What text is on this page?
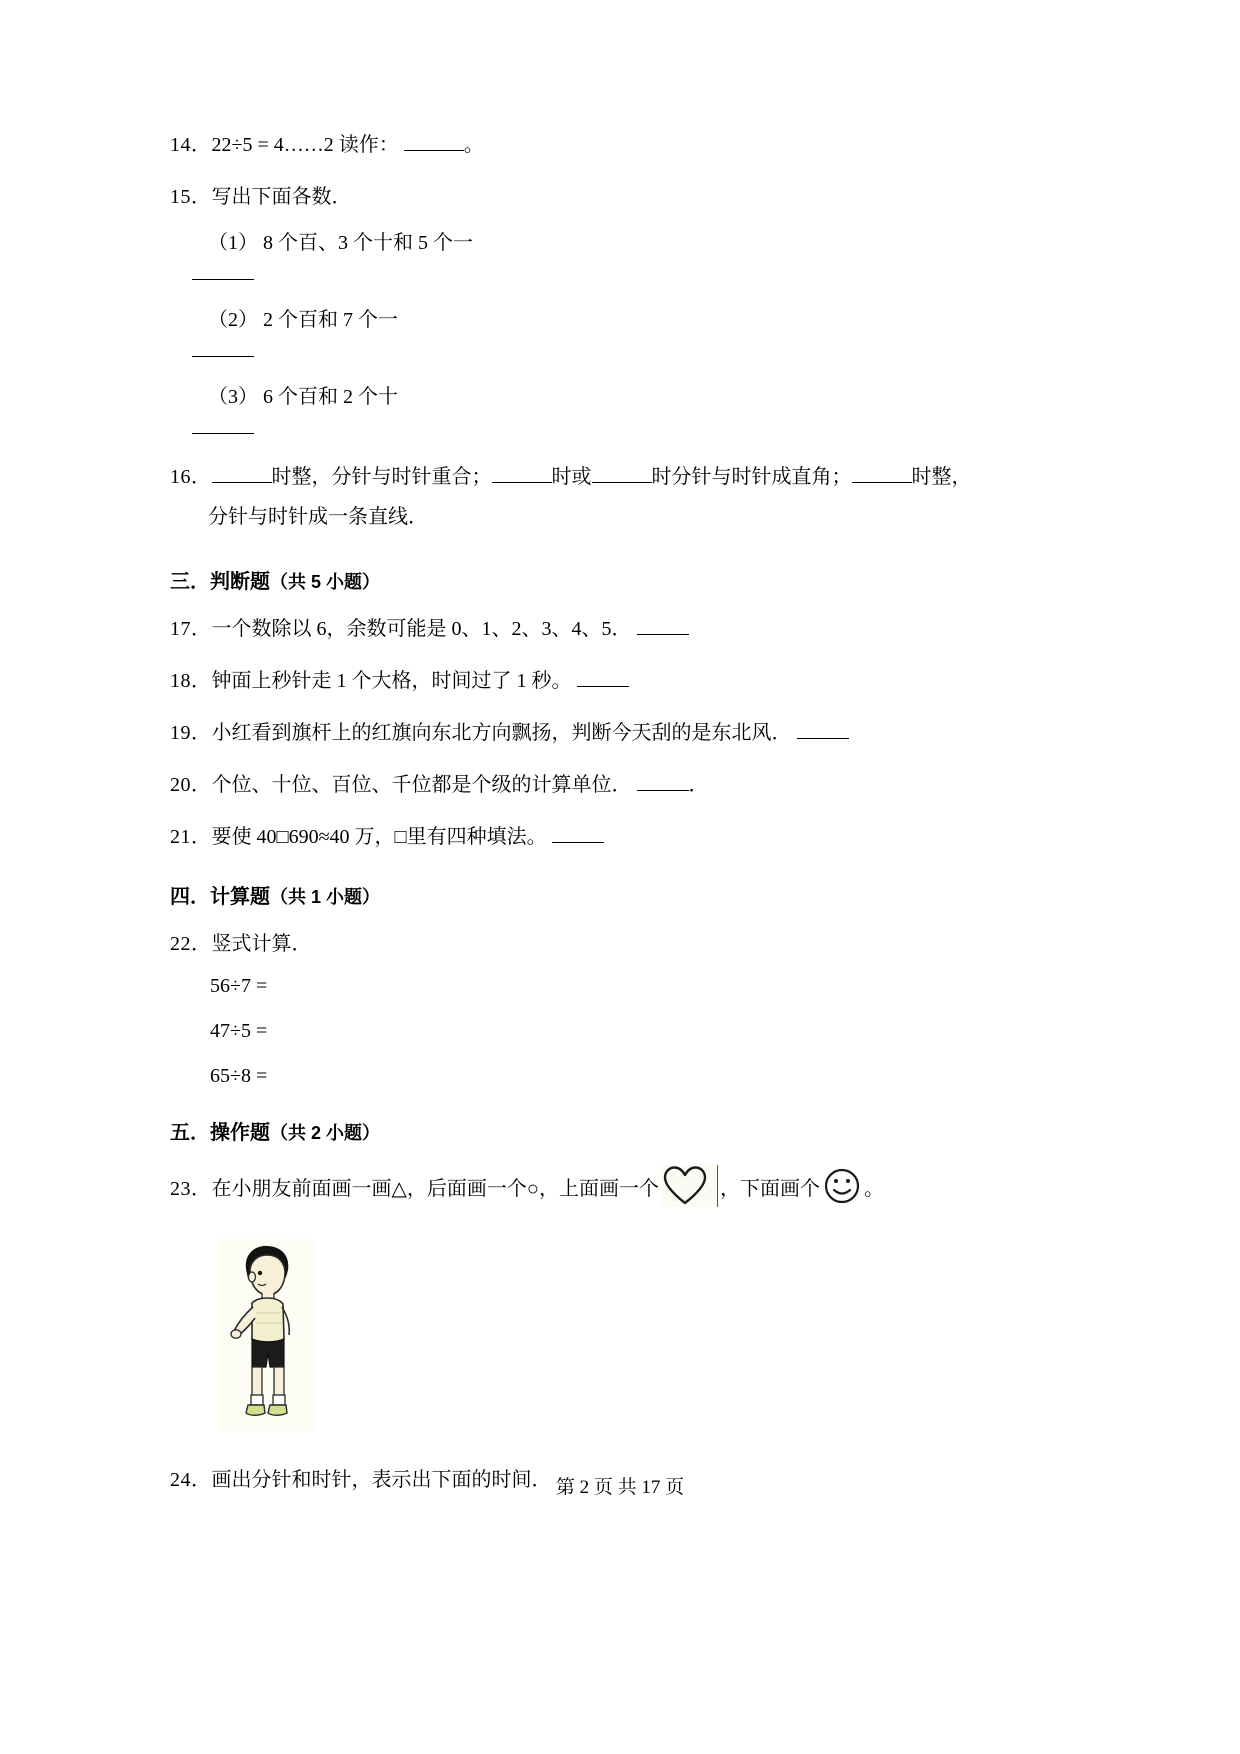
14．22÷5 = 4……2 读作：	。
15．写出下面各数．
（1） 8 个百、3 个十和 5 个一
（2） 2 个百和 7 个一
（3） 6 个百和 2 个十
16．	时整，分针与时针重合；	时或	时分针与时针成直角；	时整，
分针与时针成一条直线．
三．判断题（共 5 小题）
17．一个数除以 6，余数可能是 0、1、2、3、4、5．
18．钟面上秒针走 1 个大格，时间过了 1 秒。
19．小红看到旗杆上的红旗向东北方向飘扬，判断今天刮的是东北风．
20．个位、十位、百位、千位都是个级的计算单位．	．
21．要使 40□690≈40 万，□里有四种填法。
四．计算题（共 1 小题）
22．竖式计算．
56÷7 =
47÷5 =
65÷8 =
五．操作题（共 2 小题）
23． 在小朋友前面画一画△，后面画一个○，上面画一个	，下面画个 。
24．画出分针和时针，表示出下面的时间． 第 2 页 共 17 页
